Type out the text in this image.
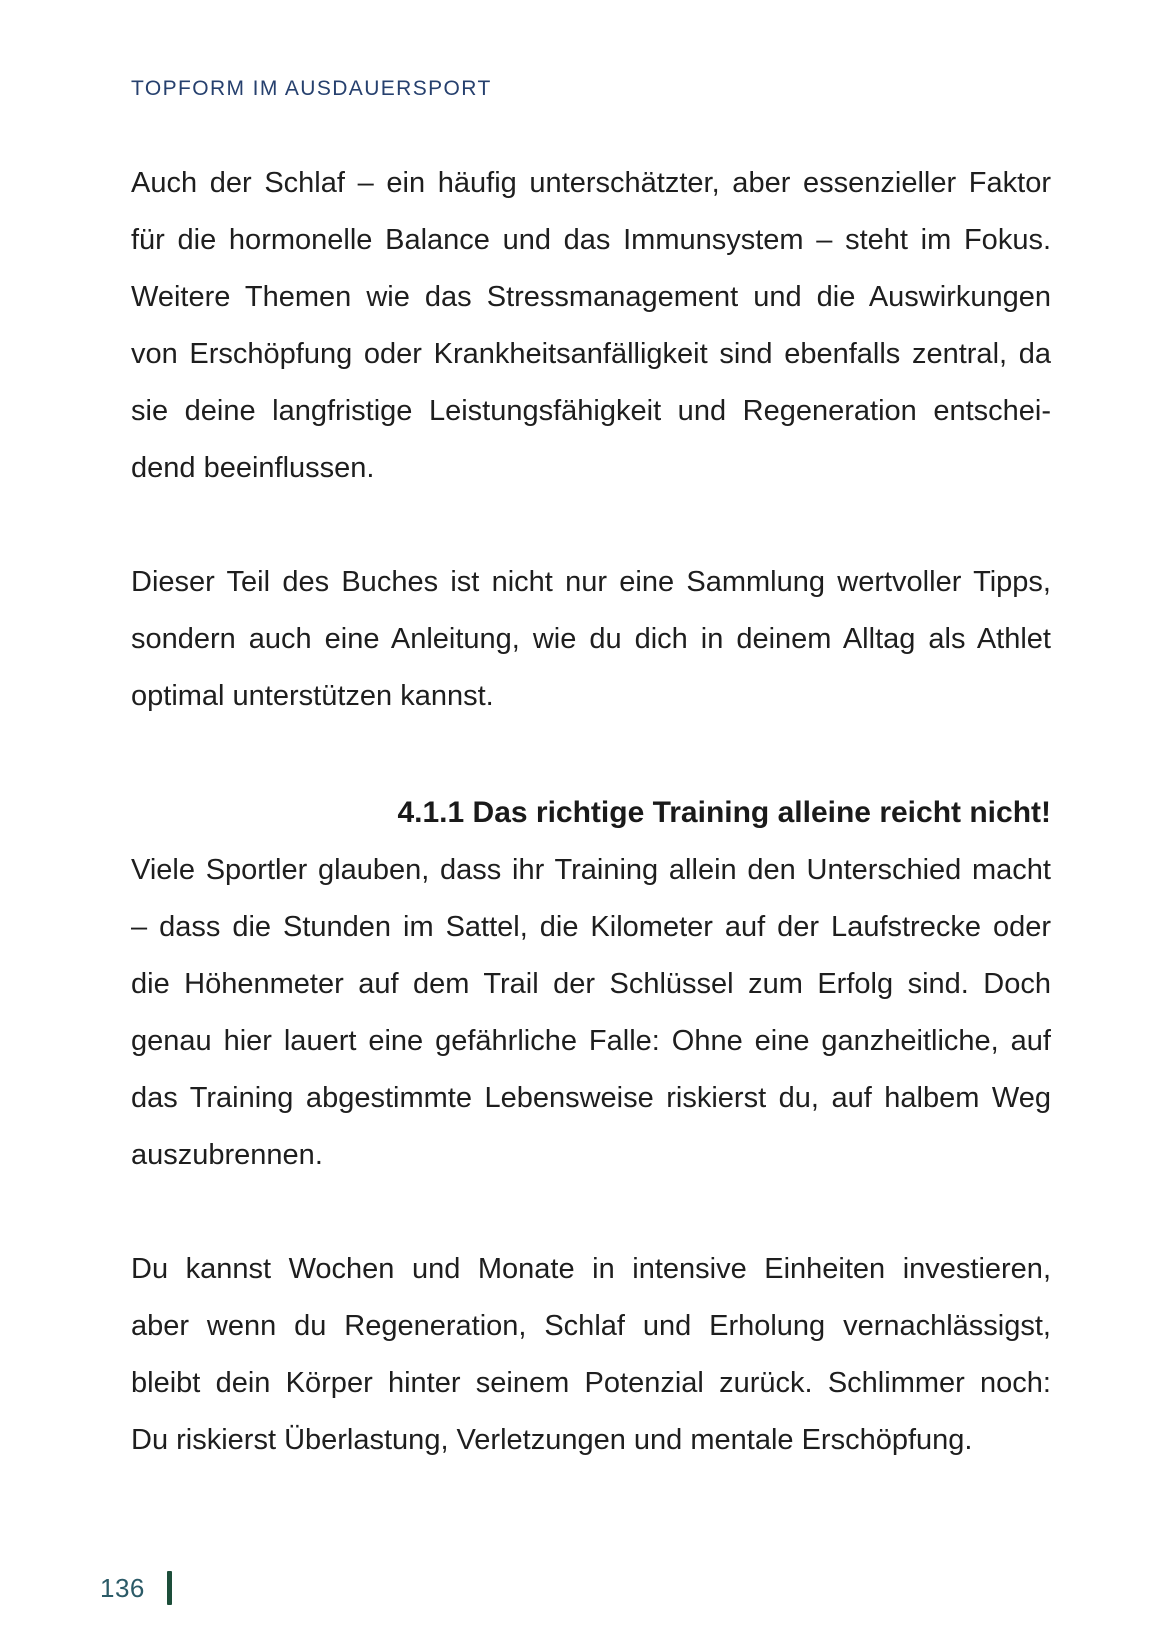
TOPFORM IM AUSDAUERSPORT
Auch der Schlaf – ein häufig unterschätzter, aber essenzieller Faktor
für die hormonelle Balance und das Immunsystem – steht im Fokus.
Weitere Themen wie das Stressmanagement und die Auswirkungen
von Erschöpfung oder Krankheitsanfälligkeit sind ebenfalls zentral, da
sie deine langfristige Leistungsfähigkeit und Regeneration entschei-
dend beeinflussen.
Dieser Teil des Buches ist nicht nur eine Sammlung wertvoller Tipps,
sondern auch eine Anleitung, wie du dich in deinem Alltag als Athlet
optimal unterstützen kannst.
4.1.1 Das richtige Training alleine reicht nicht!
Viele Sportler glauben, dass ihr Training allein den Unterschied macht
– dass die Stunden im Sattel, die Kilometer auf der Laufstrecke oder
die Höhenmeter auf dem Trail der Schlüssel zum Erfolg sind. Doch
genau hier lauert eine gefährliche Falle: Ohne eine ganzheitliche, auf
das Training abgestimmte Lebensweise riskierst du, auf halbem Weg
auszubrennen.
Du kannst Wochen und Monate in intensive Einheiten investieren,
aber wenn du Regeneration, Schlaf und Erholung vernachlässigst,
bleibt dein Körper hinter seinem Potenzial zurück. Schlimmer noch:
Du riskierst Überlastung, Verletzungen und mentale Erschöpfung.
136
